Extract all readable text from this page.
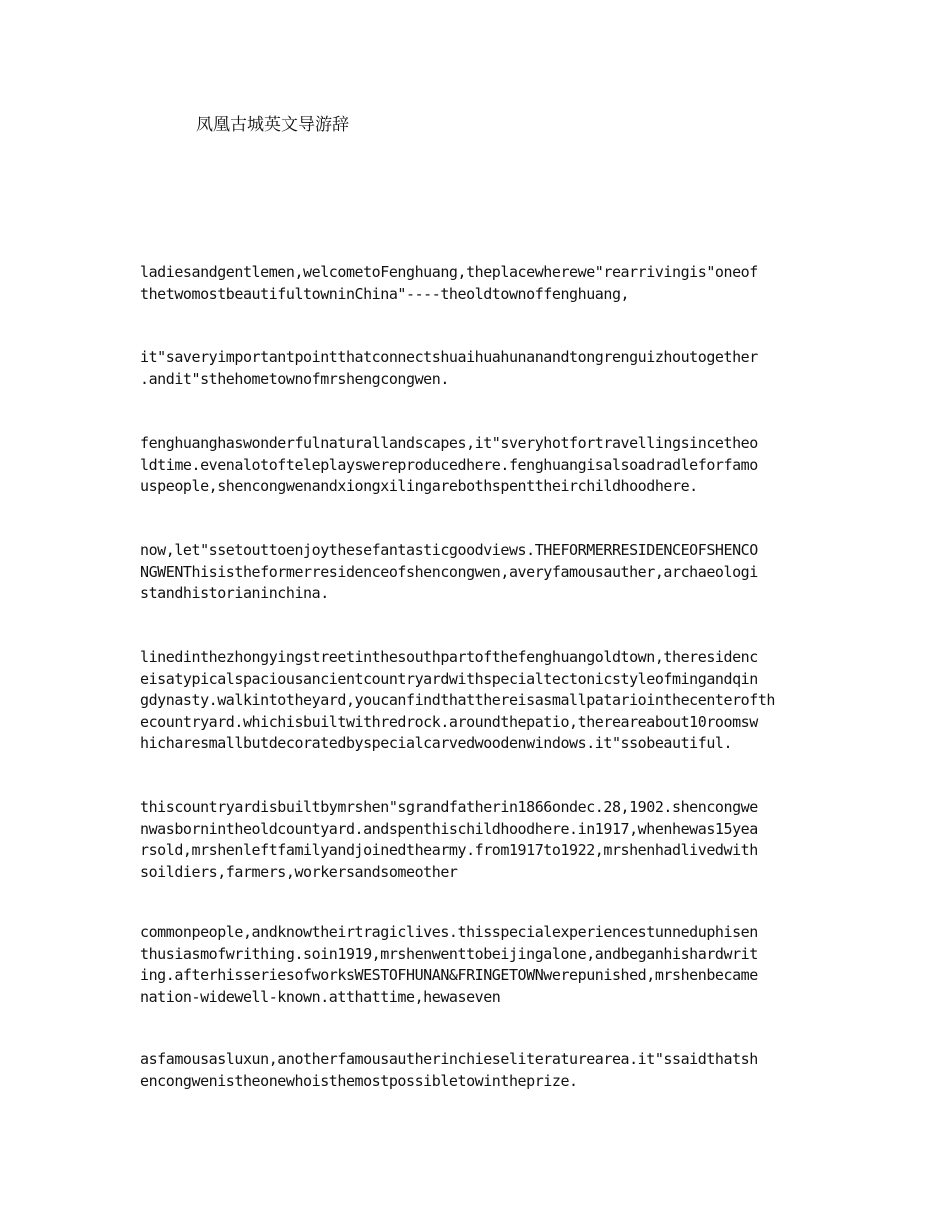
凤凰古城英文导游辞
ladiesandgentlemen,welcometoFenghuang,theplacewherewe"rearrivingis"oneof
thetwomostbeautifultowninChina"----theoldtownoffenghuang,
it"saveryimportantpointthatconnectshuaihuahunanandtongrenguizhoutogether
.andit"sthehometownofmrshengcongwen.
fenghuanghaswonderfulnaturallandscapes,it"sveryhotfortravellingsincetheo
ldtime.evenalotofteleplayswereproducedhere.fenghuangisalsoadradleforfamo
uspeople,shencongwenandxiongxilingarebothspenttheirchildhoodhere.
now,let"ssetouttoenjoythesefantasticgoodviews.THEFORMERRESIDENCEOFSHENCO
NGWENThisistheformerresidenceofshencongwen,averyfamousauther,archaeologi
standhistorianinchina.
linedinthezhongyingstreetinthesouthpartofthefenghuangoldtown,theresidenc
eisatypicalspaciousancientcountryardwithspecialtectonicstyleofmingandqin
gdynasty.walkintotheyard,youcanfindthatthereisasmallpatariointhecenterofth
ecountryard.whichisbuiltwithredrock.aroundthepatio,thereareabout10roomsw
hicharesmallbutdecoratedbyspecialcarvedwoodenwindows.it"ssobeautiful.
thiscountryardisbuiltbymrshen"sgrandfatherin1866ondec.28,1902.shencongwe
nwasbornintheoldcountyard.andspenthischildhoodhere.in1917,whenhewas15yea
rsold,mrshenleftfamilyandjoinedthearmy.from1917to1922,mrshenhadlivedwith
soildiers,farmers,workersandsomeother
commonpeople,andknowtheirtragiclives.thisspecialexperiencestunneduphisen
thusiasmofwrithing.soin1919,mrshenwenttobeijingalone,andbeganhishardwrit
ing.afterhisseriesofworksWESTOFHUNAN&FRINGETOWNwerepunished,mrshenbecame
nation-widewell-known.atthattime,hewaseven
asfamousasluxun,anotherfamousautherinchieseliteraturearea.it"ssaidthatsh
encongwenistheonewhoisthemostpossibletowintheprize.
